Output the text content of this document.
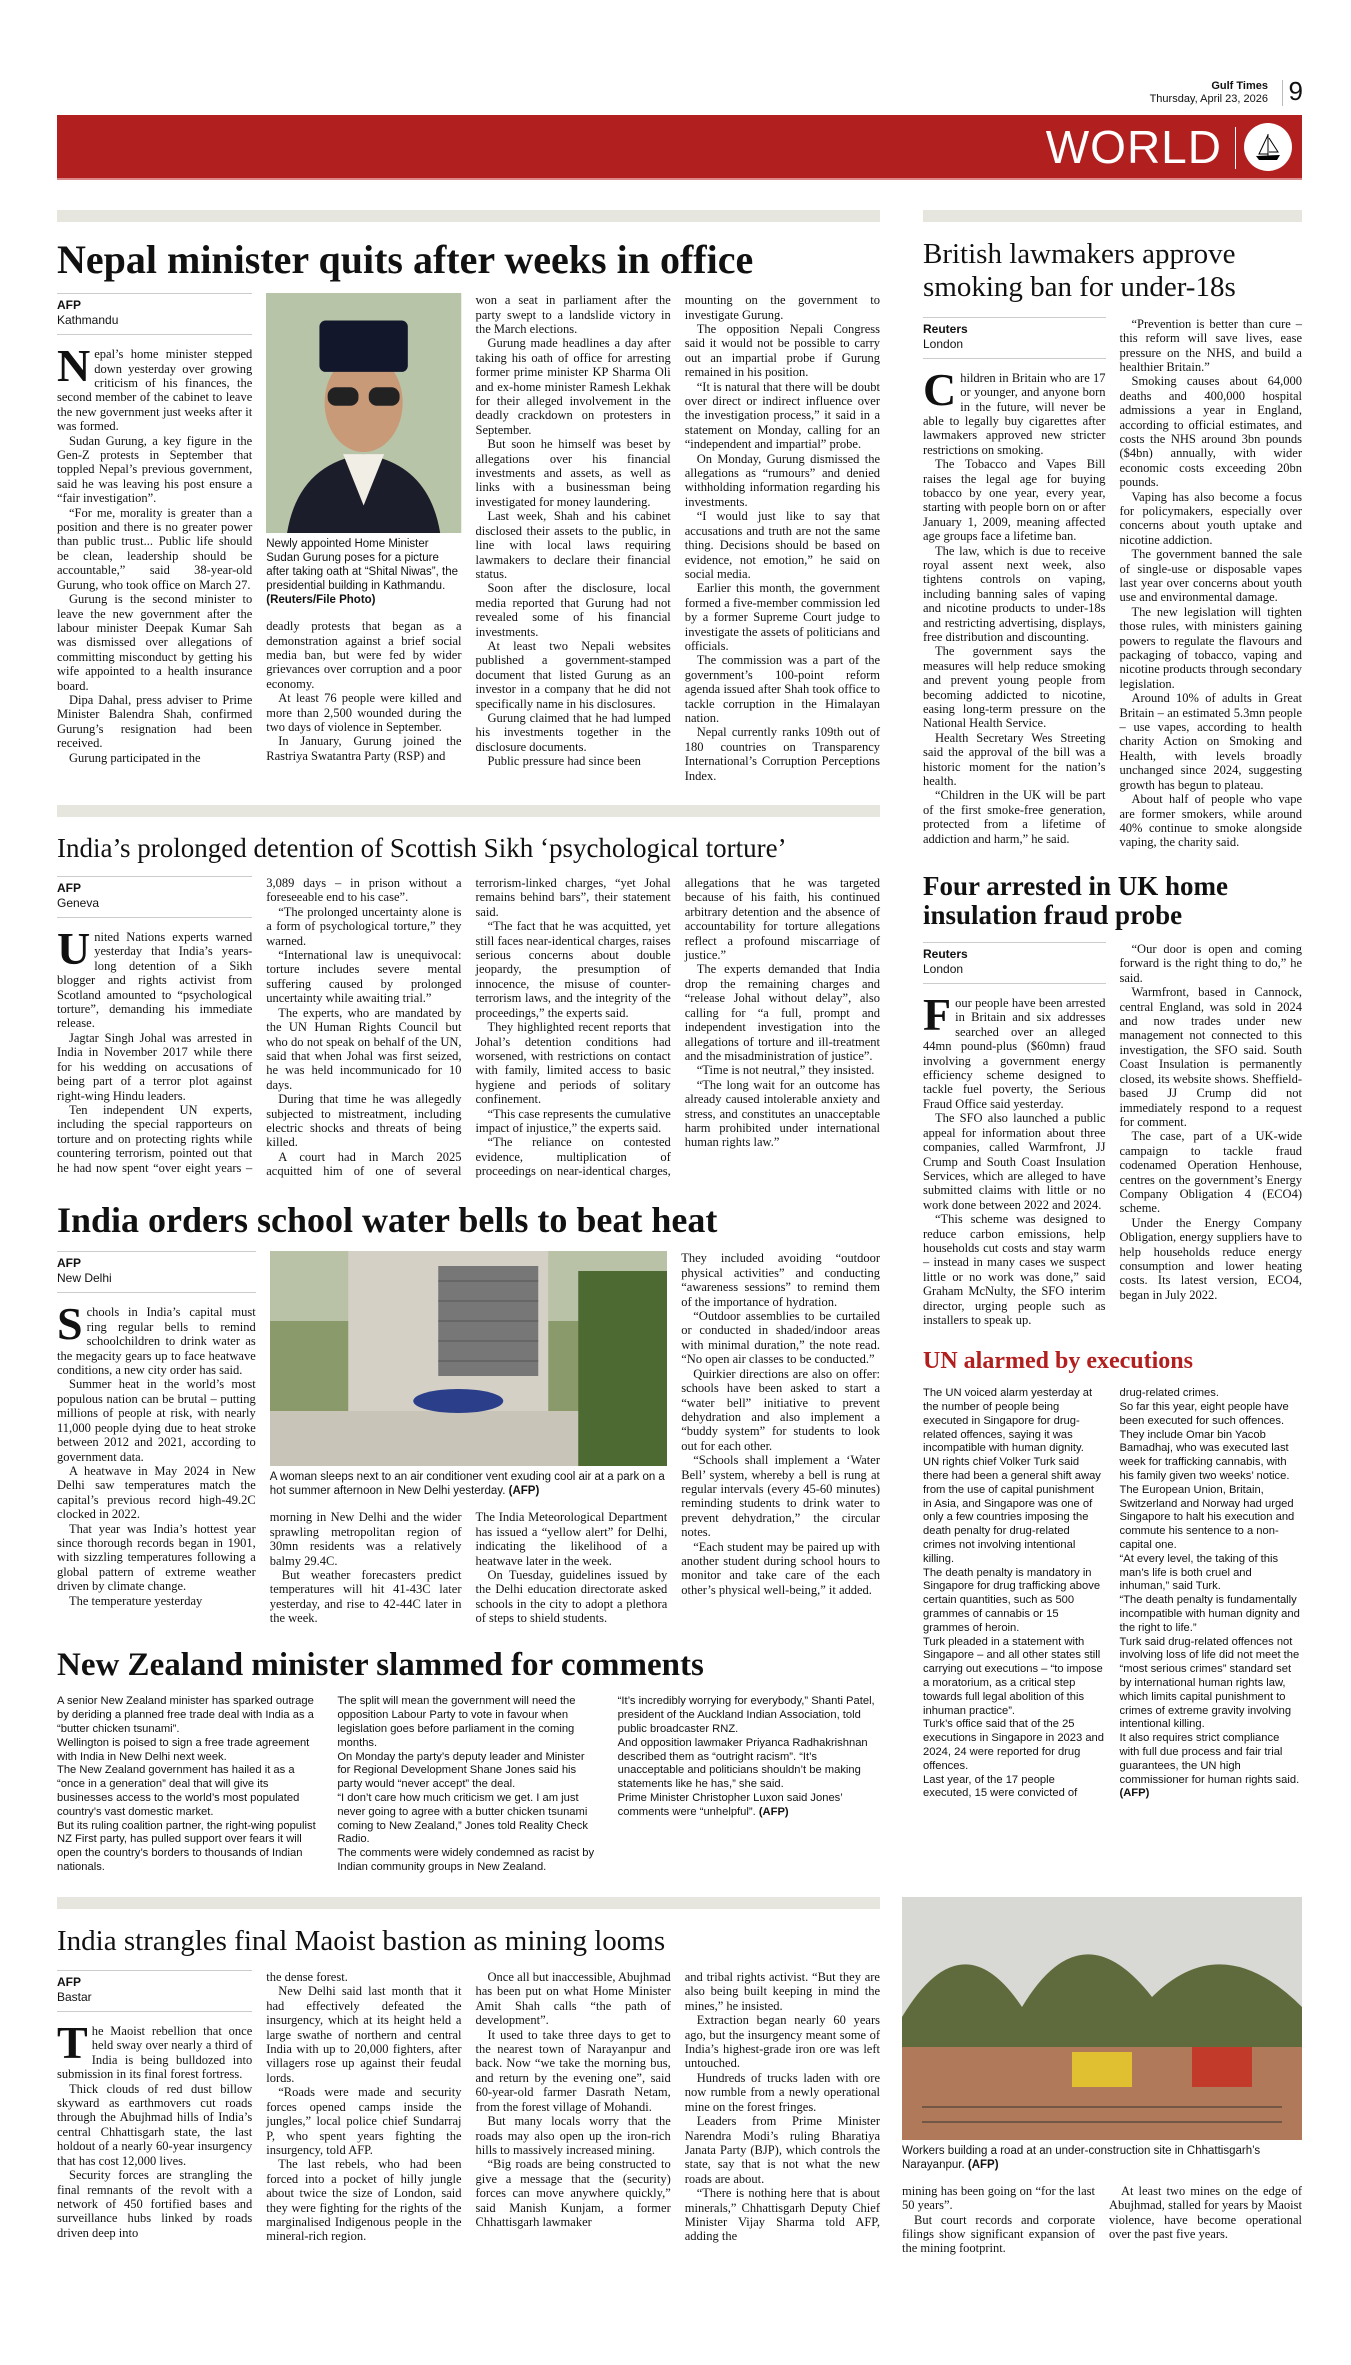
Gulf Times
Thursday, April 23, 2026 9
WORLD
Nepal minister quits after weeks in office
AFP
Kathmandu

Nepal’s home minister stepped down yesterday over growing criticism of his finances, the second member of the cabinet to leave the new government just weeks after it was formed.

Sudan Gurung, a key figure in the Gen-Z protests in September that toppled Nepal’s previous government, said he was leaving his post ensure a “fair investigation”.

“For me, morality is greater than a position and there is no greater power than public trust... Public life should be clean, leadership should be accountable,” said 38-year-old Gurung, who took office on March 27.

Gurung is the second minister to leave the new government after the labour minister Deepak Kumar Sah was dismissed over allegations of committing misconduct by getting his wife appointed to a health insurance board.

Dipa Dahal, press adviser to Prime Minister Balendra Shah, confirmed Gurung’s resignation had been received.

Gurung participated in the

Newly appointed Home Minister Sudan Gurung poses for a picture after taking oath at “Shital Niwas”, the presidential building in Kathmandu. (Reuters/File Photo)

deadly protests that began as a demonstration against a brief social media ban, but were fed by wider grievances over corruption and a poor economy.

At least 76 people were killed and more than 2,500 wounded during the two days of violence in September.

In January, Gurung joined the Rastriya Swatantra Party (RSP) and

won a seat in parliament after the party swept to a landslide victory in the March elections.

Gurung made headlines a day after taking his oath of office for arresting former prime minister KP Sharma Oli and ex-home minister Ramesh Lekhak for their alleged involvement in the deadly crackdown on protesters in September.

But soon he himself was beset by allegations over his financial investments and assets, as well as links with a businessman being investigated for money laundering.

Last week, Shah and his cabinet disclosed their assets to the public, in line with local laws requiring lawmakers to declare their financial status.

Soon after the disclosure, local media reported that Gurung had not revealed some of his financial investments.

At least two Nepali websites published a government-stamped document that listed Gurung as an investor in a company that he did not specifically name in his disclosures.

Gurung claimed that he had lumped his investments together in the disclosure documents.

Public pressure had since been

mounting on the government to investigate Gurung.

The opposition Nepali Congress said it would not be possible to carry out an impartial probe if Gurung remained in his position.

“It is natural that there will be doubt over direct or indirect influence over the investigation process,” it said in a statement on Monday, calling for an “independent and impartial” probe.

On Monday, Gurung dismissed the allegations as “rumours” and denied withholding information regarding his investments.

“I would just like to say that accusations and truth are not the same thing. Decisions should be based on evidence, not emotion,” he said on social media.

Earlier this month, the government formed a five-member commission led by a former Supreme Court judge to investigate the assets of politicians and officials.

The commission was a part of the government’s 100-point reform agenda issued after Shah took office to tackle corruption in the Himalayan nation.

Nepal currently ranks 109th out of 180 countries on Transparency International’s Corruption Perceptions Index.

India’s prolonged detention of Scottish Sikh ‘psychological torture’
AFP
Geneva

United Nations experts warned yesterday that India’s years-long detention of a Sikh blogger and rights activist from Scotland amounted to “psychological torture”, demanding his immediate release.

Jagtar Singh Johal was arrested in India in November 2017 while there for his wedding on accusations of being part of a terror plot against right-wing Hindu leaders.

Ten independent UN experts, including the special rapporteurs on torture and on protecting rights while countering terrorism, pointed out that he had now spent “over eight years – 3,089 days – in prison without a foreseeable end to his case”.

“The prolonged uncertainty alone is a form of psychological torture,” they warned.

“International law is unequivocal: torture includes severe mental suffering caused by prolonged uncertainty while awaiting trial.”

The experts, who are mandated by the UN Human Rights Council but who do not speak on behalf of the UN, said that when Johal was first seized, he was held incommunicado for 10 days.

During that time he was allegedly subjected to mistreatment, including electric shocks and threats of being killed.

A court had in March 2025 acquitted him of one of several terrorism-linked charges, “yet Johal remains behind bars”, their statement said.

“The fact that he was acquitted, yet still faces near-identical charges, raises serious concerns about double jeopardy, the presumption of innocence, the misuse of counter-terrorism laws, and the integrity of the proceedings,” the experts said.

They highlighted recent reports that Johal’s detention conditions had worsened, with restrictions on contact with family, limited access to basic hygiene and periods of solitary confinement.

“This case represents the cumulative impact of injustice,” the experts said.

“The reliance on contested evidence, multiplication of proceedings on near-identical charges, allegations that he was targeted because of his faith, his continued arbitrary detention and the absence of accountability for torture allegations reflect a profound miscarriage of justice.”

The experts demanded that India drop the remaining charges and “release Johal without delay”, also calling for “a full, prompt and independent investigation into the allegations of torture and ill-treatment and the misadministration of justice”.

“Time is not neutral,” they insisted.

“The long wait for an outcome has already caused intolerable anxiety and stress, and constitutes an unacceptable harm prohibited under international human rights law.”

India orders school water bells to beat heat
AFP
New Delhi

Schools in India’s capital must ring regular bells to remind schoolchildren to drink water as the megacity gears up to face heatwave conditions, a new city order has said.

Summer heat in the world’s most populous nation can be brutal – putting millions of people at risk, with nearly 11,000 people dying due to heat stroke between 2012 and 2021, according to government data.

A heatwave in May 2024 in New Delhi saw temperatures match the capital’s previous record high-49.2C clocked in 2022.

That year was India’s hottest year since thorough records began in 1901, with sizzling temperatures following a global pattern of extreme weather driven by climate change.

The temperature yesterday

A woman sleeps next to an air conditioner vent exuding cool air at a park on a hot summer afternoon in New Delhi yesterday. (AFP)

morning in New Delhi and the wider sprawling metropolitan region of 30mn residents was a relatively balmy 29.4C.

But weather forecasters predict temperatures will hit 41-43C later yesterday, and rise to 42-44C later in the week.

The India Meteorological Department has issued a “yellow alert” for Delhi, indicating the likelihood of a heatwave later in the week.

On Tuesday, guidelines issued by the Delhi education directorate asked schools in the city to adopt a plethora of steps to shield students.

They included avoiding “outdoor physical activities” and conducting “awareness sessions” to remind them of the importance of hydration.

“Outdoor assemblies to be curtailed or conducted in shaded/indoor areas with minimal duration,” the note read. “No open air classes to be conducted.”

Quirkier directions are also on offer: schools have been asked to start a “water bell” initiative to prevent dehydration and also implement a “buddy system” for students to look out for each other.

“Schools shall implement a ‘Water Bell’ system, whereby a bell is rung at regular intervals (every 45-60 minutes) reminding students to drink water to prevent dehydration,” the circular notes.

“Each student may be paired up with another student during school hours to monitor and take care of the each other’s physical well-being,” it added.

New Zealand minister slammed for comments

A senior New Zealand minister has sparked outrage by deriding a planned free trade deal with India as a “butter chicken tsunami”.

Wellington is poised to sign a free trade agreement with India in New Delhi next week.

The New Zealand government has hailed it as a “once in a generation” deal that will give its businesses access to the world’s most populated country’s vast domestic market.

But its ruling coalition partner, the right-wing populist NZ First party, has pulled support over fears it will open the country’s borders to thousands of Indian nationals.

The split will mean the government will need the opposition Labour Party to vote in favour when legislation goes before parliament in the coming months.

On Monday the party’s deputy leader and Minister for Regional Development Shane Jones said his party would “never accept” the deal.

“I don’t care how much criticism we get. I am just never going to agree with a butter chicken tsunami coming to New Zealand,” Jones told Reality Check Radio.

The comments were widely condemned as racist by Indian community groups in New Zealand.

“It’s incredibly worrying for everybody,” Shanti Patel, president of the Auckland Indian Association, told public broadcaster RNZ.

And opposition lawmaker Priyanca Radhakrishnan described them as “outright racism”. “It’s unacceptable and politicians shouldn’t be making statements like he has,” she said.

Prime Minister Christopher Luxon said Jones’ comments were “unhelpful”. (AFP)

British lawmakers approve smoking ban for under-18s
Reuters
London

Children in Britain who are 17 or younger, and anyone born in the future, will never be able to legally buy cigarettes after lawmakers approved new stricter restrictions on smoking.

The Tobacco and Vapes Bill raises the legal age for buying tobacco by one year, every year, starting with people born on or after January 1, 2009, meaning affected age groups face a lifetime ban.

The law, which is due to receive royal assent next week, also tightens controls on vaping, including banning sales of vaping and nicotine products to under-18s and restricting advertising, displays, free distribution and discounting.

The government says the measures will help reduce smoking and prevent young people from becoming addicted to nicotine, easing long-term pressure on the National Health Service.

Health Secretary Wes Streeting said the approval of the bill was a historic moment for the nation’s health.

“Children in the UK will be part of the first smoke-free generation, protected from a lifetime of addiction and harm,” he said.

“Prevention is better than cure – this reform will save lives, ease pressure on the NHS, and build a healthier Britain.”

Smoking causes about 64,000 deaths and 400,000 hospital admissions a year in England, according to official estimates, and costs the NHS around 3bn pounds ($4bn) annually, with wider economic costs exceeding 20bn pounds.

Vaping has also become a focus for policymakers, especially over concerns about youth uptake and nicotine addiction.

The government banned the sale of single-use or disposable vapes last year over concerns about youth use and environmental damage.

The new legislation will tighten those rules, with ministers gaining powers to regulate the flavours and packaging of tobacco, vaping and nicotine products through secondary legislation.

Around 10% of adults in Great Britain – an estimated 5.3mn people – use vapes, according to health charity Action on Smoking and Health, with levels broadly unchanged since 2024, suggesting growth has begun to plateau.

About half of people who vape are former smokers, while around 40% continue to smoke alongside vaping, the charity said.

Four arrested in UK home insulation fraud probe
Reuters
London

Four people have been arrested in Britain and six addresses searched over an alleged 44mn pound-plus ($60mn) fraud involving a government energy efficiency scheme designed to tackle fuel poverty, the Serious Fraud Office said yesterday.

The SFO also launched a public appeal for information about three companies, called Warmfront, JJ Crump and South Coast Insulation Services, which are alleged to have submitted claims with little or no work done between 2022 and 2024.

“This scheme was designed to reduce carbon emissions, help households cut costs and stay warm – instead in many cases we suspect little or no work was done,” said Graham McNulty, the SFO interim director, urging people such as installers to speak up.

“Our door is open and coming forward is the right thing to do,” he said.

Warmfront, based in Cannock, central England, was sold in 2024 and now trades under new management not connected to this investigation, the SFO said. South Coast Insulation is permanently closed, its website shows. Sheffield-based JJ Crump did not immediately respond to a request for comment.

The case, part of a UK-wide campaign to tackle fraud codenamed Operation Henhouse, centres on the government’s Energy Company Obligation 4 (ECO4) scheme.

Under the Energy Company Obligation, energy suppliers have to help households reduce energy consumption and lower heating costs. Its latest version, ECO4, began in July 2022.

UN alarmed by executions

The UN voiced alarm yesterday at the number of people being executed in Singapore for drug-related offences, saying it was incompatible with human dignity.

UN rights chief Volker Turk said there had been a general shift away from the use of capital punishment in Asia, and Singapore was one of only a few countries imposing the death penalty for drug-related crimes not involving intentional killing.

The death penalty is mandatory in Singapore for drug trafficking above certain quantities, such as 500 grammes of cannabis or 15 grammes of heroin.

Turk pleaded in a statement with Singapore – and all other states still carrying out executions – “to impose a moratorium, as a critical step towards full legal abolition of this inhuman practice”.

Turk’s office said that of the 25 executions in Singapore in 2023 and 2024, 24 were reported for drug offences.

Last year, of the 17 people executed, 15 were convicted of drug-related crimes.

So far this year, eight people have been executed for such offences. They include Omar bin Yacob Bamadhaj, who was executed last week for trafficking cannabis, with his family given two weeks’ notice.

The European Union, Britain, Switzerland and Norway had urged Singapore to halt his execution and commute his sentence to a non-capital one.

“At every level, the taking of this man’s life is both cruel and inhuman,” said Turk.

“The death penalty is fundamentally incompatible with human dignity and the right to life.”

Turk said drug-related offences not involving loss of life did not meet the “most serious crimes” standard set by international human rights law, which limits capital punishment to crimes of extreme gravity involving intentional killing.

It also requires strict compliance with full due process and fair trial guarantees, the UN high commissioner for human rights said. (AFP)

India strangles final Maoist bastion as mining looms
AFP
Bastar

The Maoist rebellion that once held sway over nearly a third of India is being bulldozed into submission in its final forest fortress.

Thick clouds of red dust billow skyward as earthmovers cut roads through the Abujhmad hills of India’s central Chhattisgarh state, the last holdout of a nearly 60-year insurgency that has cost 12,000 lives.

Security forces are strangling the final remnants of the revolt with a network of 450 fortified bases and surveillance hubs linked by roads driven deep into

the dense forest.

New Delhi said last month that it had effectively defeated the insurgency, which at its height held a large swathe of northern and central India with up to 20,000 fighters, after villagers rose up against their feudal lords.

“Roads were made and security forces opened camps inside the jungles,” local police chief Sundarraj P, who spent years fighting the insurgency, told AFP.

The last rebels, who had been forced into a pocket of hilly jungle about twice the size of London, said they were fighting for the rights of the marginalised Indigenous people in the mineral-rich region.

Once all but inaccessible, Abujhmad has been put on what Home Minister Amit Shah calls “the path of development”.

It used to take three days to get to the nearest town of Narayanpur and back. Now “we take the morning bus, and return by the evening one”, said 60-year-old farmer Dasrath Netam, from the forest village of Mohandi.

But many locals worry that the roads may also open up the iron-rich hills to massively increased mining.

“Big roads are being constructed to give a message that the (security) forces can move anywhere quickly,” said Manish Kunjam, a former Chhattisgarh lawmaker

and tribal rights activist. “But they are also being built keeping in mind the mines,” he insisted.

Extraction began nearly 60 years ago, but the insurgency meant some of India’s highest-grade iron ore was left untouched.

Hundreds of trucks laden with ore now rumble from a newly operational mine on the forest fringes.

Leaders from Prime Minister Narendra Modi’s ruling Bharatiya Janata Party (BJP), which controls the state, say that is not what the new roads are about.

“There is nothing here that is about minerals,” Chhattisgarh Deputy Chief Minister Vijay Sharma told AFP, adding the

Workers building a road at an under-construction site in Chhattisgarh’s Narayanpur. (AFP)

mining has been going on “for the last 50 years”.

But court records and corporate filings show significant expansion of the mining footprint.

At least two mines on the edge of Abujhmad, stalled for years by Maoist violence, have become operational over the past five years.
